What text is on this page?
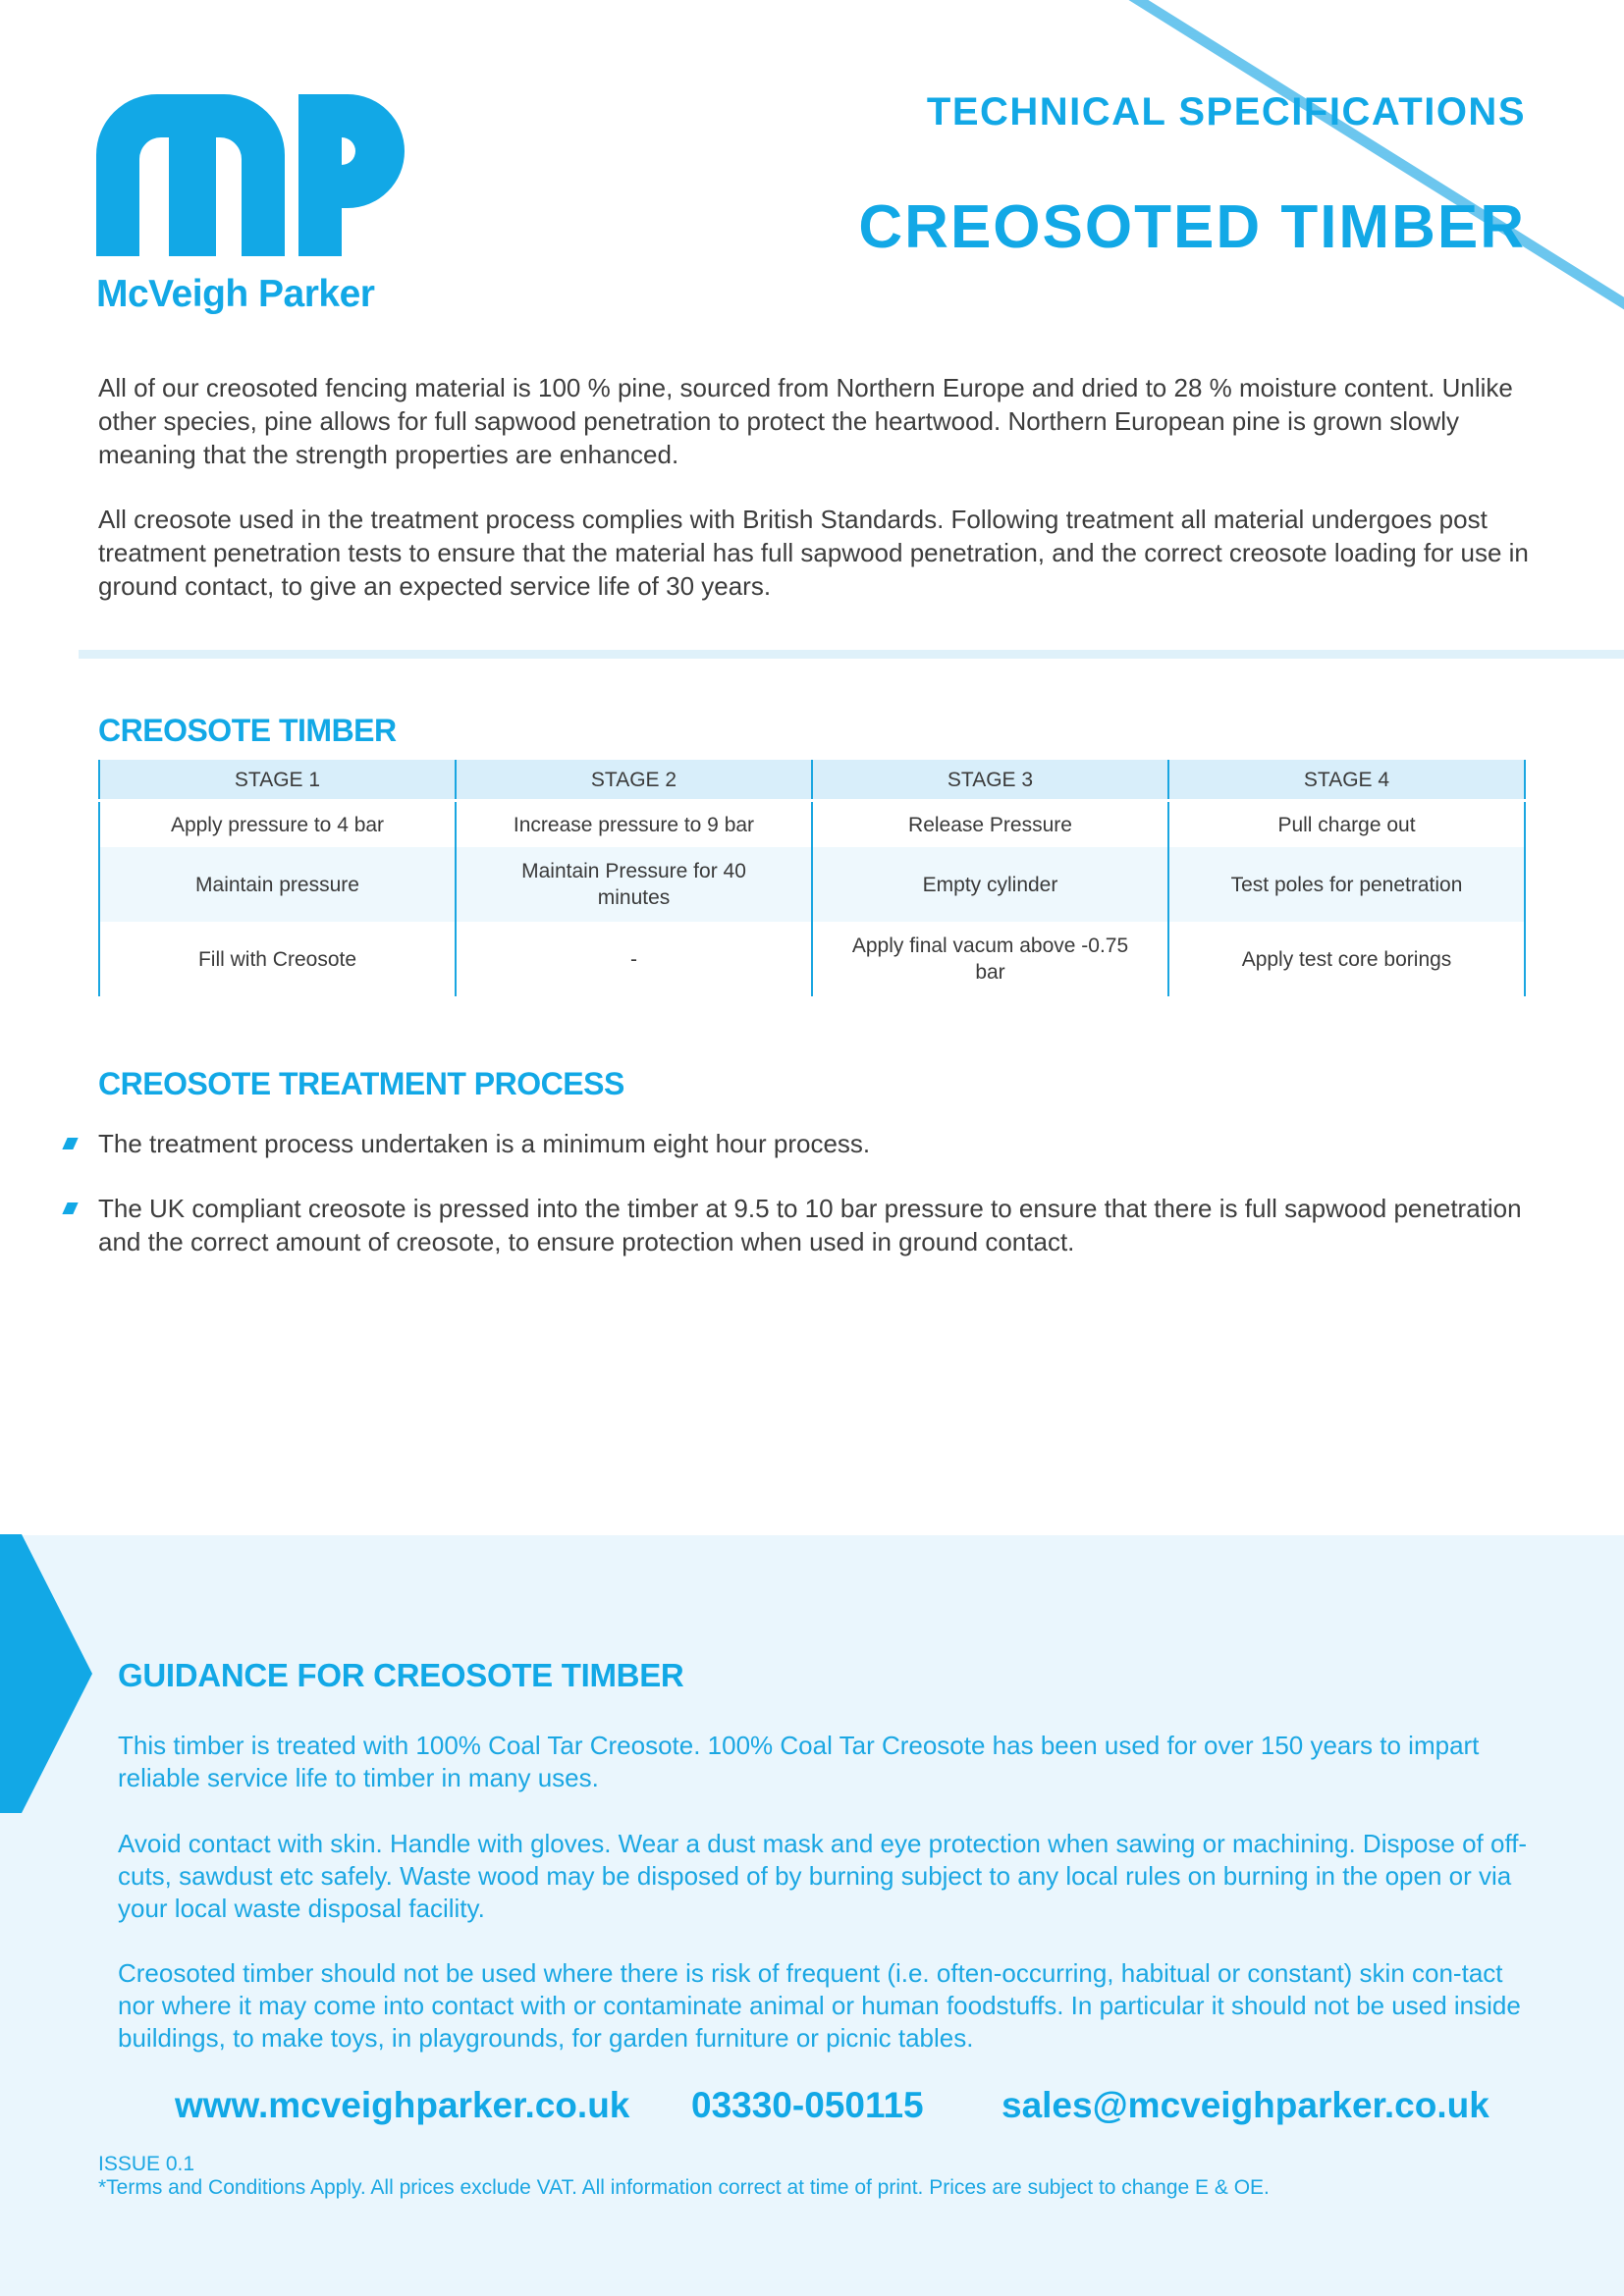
McVeigh Parker
TECHNICAL SPECIFICATIONS
CREOSOTED TIMBER

All of our creosoted fencing material is 100 % pine, sourced from Northern Europe and dried to 28 % moisture content. Unlike other species, pine allows for full sapwood penetration to protect the heartwood. Northern European pine is grown slowly meaning that the strength properties are enhanced.

All creosote used in the treatment process complies with British Standards. Following treatment all material undergoes post treatment penetration tests to ensure that the material has full sapwood penetration, and the correct creosote loading for use in ground contact, to give an expected service life of 30 years.

CREOSOTE TIMBER
STAGE 1	STAGE 2	STAGE 3	STAGE 4
Apply pressure to 4 bar	Increase pressure to 9 bar	Release Pressure	Pull charge out
Maintain pressure	Maintain Pressure for 40 minutes	Empty cylinder	Test poles for penetration
Fill with Creosote	-	Apply final vacum above -0.75 bar	Apply test core borings
CREOSOTE TREATMENT PROCESS
The treatment process undertaken is a minimum eight hour process.
The UK compliant creosote is pressed into the timber at 9.5 to 10 bar pressure to ensure that there is full sapwood penetration and the correct amount of creosote, to ensure protection when used in ground contact.
GUIDANCE FOR CREOSOTE TIMBER

This timber is treated with 100% Coal Tar Creosote. 100% Coal Tar Creosote has been used for over 150 years to impart reliable service life to timber in many uses.

Avoid contact with skin. Handle with gloves. Wear a dust mask and eye protection when sawing or machining. Dispose of off-cuts, sawdust etc safely. Waste wood may be disposed of by burning subject to any local rules on burning in the open or via your local waste disposal facility.

Creosoted timber should not be used where there is risk of frequent (i.e. often-occurring, habitual or constant) skin con-tact nor where it may come into contact with or contaminate animal or human foodstuffs. In particular it should not be used inside buildings, to make toys, in playgrounds, for garden furniture or picnic tables.

www.mcveighparker.co.uk 03330-050115 sales@mcveighparker.co.uk
ISSUE 0.1
*Terms and Conditions Apply. All prices exclude VAT. All information correct at time of print. Prices are subject to change E & OE.
